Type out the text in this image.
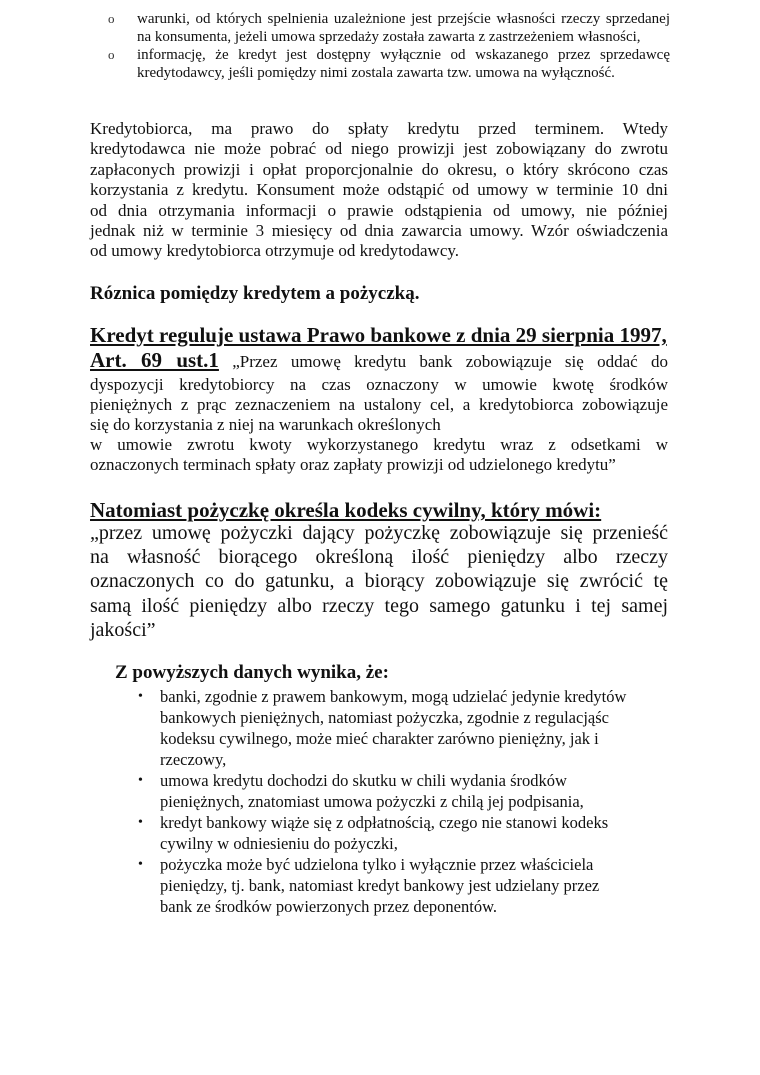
o warunki, od których spelnienia uzależnione jest przejście własności rzeczy sprzedanej
na konsumenta, jeżeli umowa sprzedaży została zawarta z zastrzeżeniem własności,
o informację, że kredyt jest dostępny wyłącznie od wskazanego przez sprzedawcę
kredytodawcy, jeśli pomiędzy nimi zostala zawarta tzw. umowa na wyłączność.
Kredytobiorca, ma prawo do spłaty kredytu przed terminem. Wtedy
kredytodawca nie może pobrać od niego prowizji jest zobowiązany do zwrotu
zapłaconych prowizji i opłat proporcjonalnie do okresu, o który skrócono czas
korzystania z kredytu. Konsument może odstąpić od umowy w terminie 10 dni
od dnia otrzymania informacji o prawie odstąpienia od umowy, nie później
jednak niż w terminie 3 miesięcy od dnia zawarcia umowy. Wzór oświadczenia
od umowy kredytobiorca otrzymuje od kredytodawcy.
Róznica pomiędzy kredytem a pożyczką.
Kredyt reguluje ustawa Prawo bankowe z dnia 29 sierpnia 1997,
Art. 69 ust.1 „Przez umowę kredytu bank zobowiązuje się oddać do
dyspozycji kredytobiorcy na czas oznaczony w umowie kwotę środków
pieniężnych z prąc zeznaczeniem na ustalony cel, a kredytobiorca zobowiązuje
się do korzystania z niej na warunkach określonych
w umowie zwrotu kwoty wykorzystanego kredytu wraz z odsetkami w
oznaczonych terminach spłaty oraz zapłaty prowizji od udzielonego kredytu”
Natomiast pożyczkę określa kodeks cywilny, który mówi:
„przez umowę pożyczki dający pożyczkę zobowiązuje się przenieść
na własność biorącego określoną ilość pieniędzy albo rzeczy
oznaczonych co do gatunku, a biorący zobowiązuje się zwrócić tę
samą ilość pieniędzy albo rzeczy tego samego gatunku i tej samej
jakości”
Z powyższych danych wynika, że:
• banki, zgodnie z prawem bankowym, mogą udzielać jedynie kredytów
bankowych pieniężnych, natomiast pożyczka, zgodnie z regulacjąśc
kodeksu cywilnego, może mieć charakter zarówno pieniężny, jak i
rzeczowy,
• umowa kredytu dochodzi do skutku w chili wydania środków
pieniężnych, znatomiast umowa pożyczki z chilą jej podpisania,
• kredyt bankowy wiąże się z odpłatnością, czego nie stanowi kodeks
cywilny w odniesieniu do pożyczki,
• pożyczka może być udzielona tylko i wyłącznie przez właściciela
pieniędzy, tj. bank, natomiast kredyt bankowy jest udzielany przez
bank ze środków powierzonych przez deponentów.
